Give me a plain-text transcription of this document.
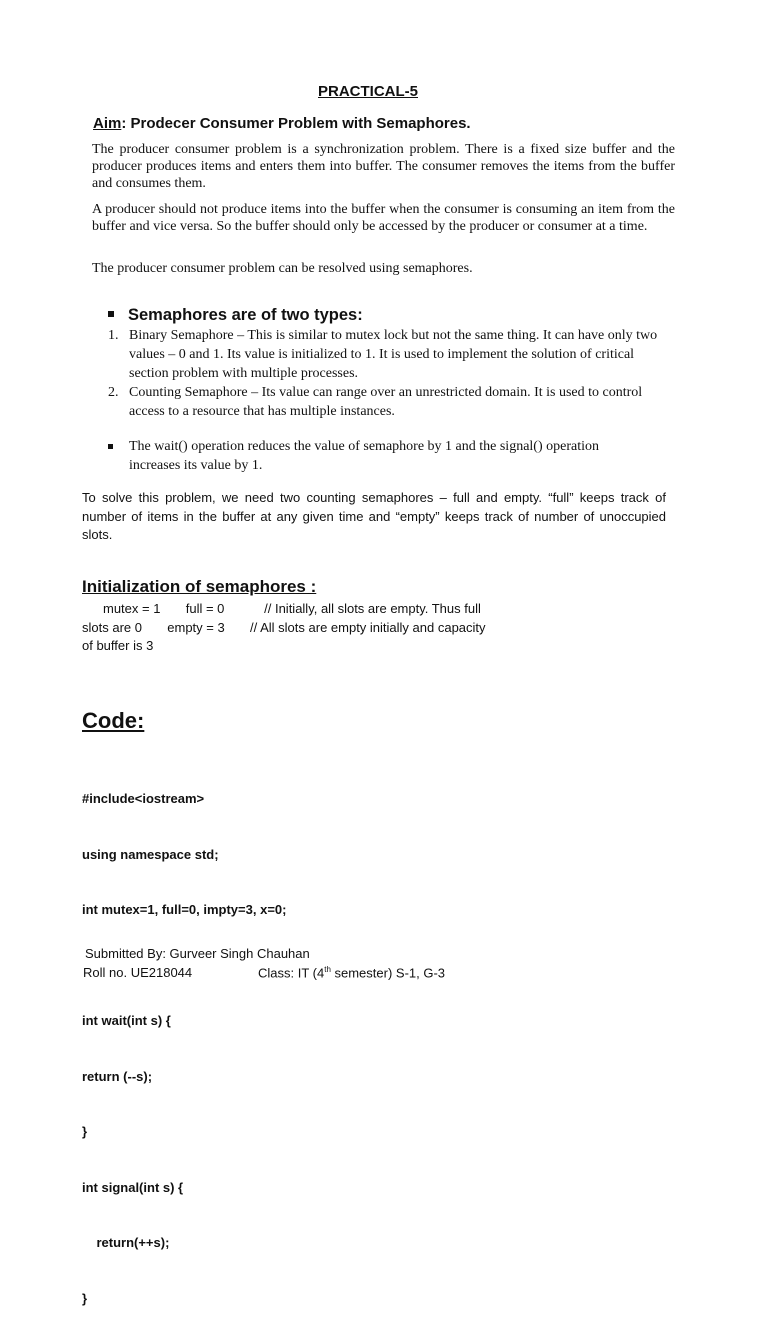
PRACTICAL-5
Aim: Prodecer Consumer Problem with Semaphores.

The producer consumer problem is a synchronization problem. There is a fixed size buffer and the producer produces items and enters them into buffer. The consumer removes the items from the buffer and consumes them.

A producer should not produce items into the buffer when the consumer is consuming an item from the buffer and vice versa. So the buffer should only be accessed by the producer or consumer at a time.

The producer consumer problem can be resolved using semaphores.

Semaphores are of two types:
1. Binary Semaphore – This is similar to mutex lock but not the same thing. It can have only two values – 0 and 1. Its value is initialized to 1. It is used to implement the solution of critical section problem with multiple processes.
2. Counting Semaphore – Its value can range over an unrestricted domain. It is used to control access to a resource that has multiple instances.
The wait() operation reduces the value of semaphore by 1 and the signal() operation increases its value by 1.
To solve this problem, we need two counting semaphores – full and empty. “full” keeps track of number of items in the buffer at any given time and “empty” keeps track of number of unoccupied slots.
Initialization of semaphores :
mutex = 1       full = 0           // Initially, all slots are empty. Thus full
slots are 0       empty = 3       // All slots are empty initially and capacity
of buffer is 3
Code:

#include<iostream>

using namespace std;

int mutex=1, full=0, impty=3, x=0;

int wait(int s) {

return (--s);

}

int signal(int s) {

return(++s);

}

Submitted By: Gurveer Singh Chauhan
Roll no. UE218044	Class: IT (4th semester) S-1, G-3
